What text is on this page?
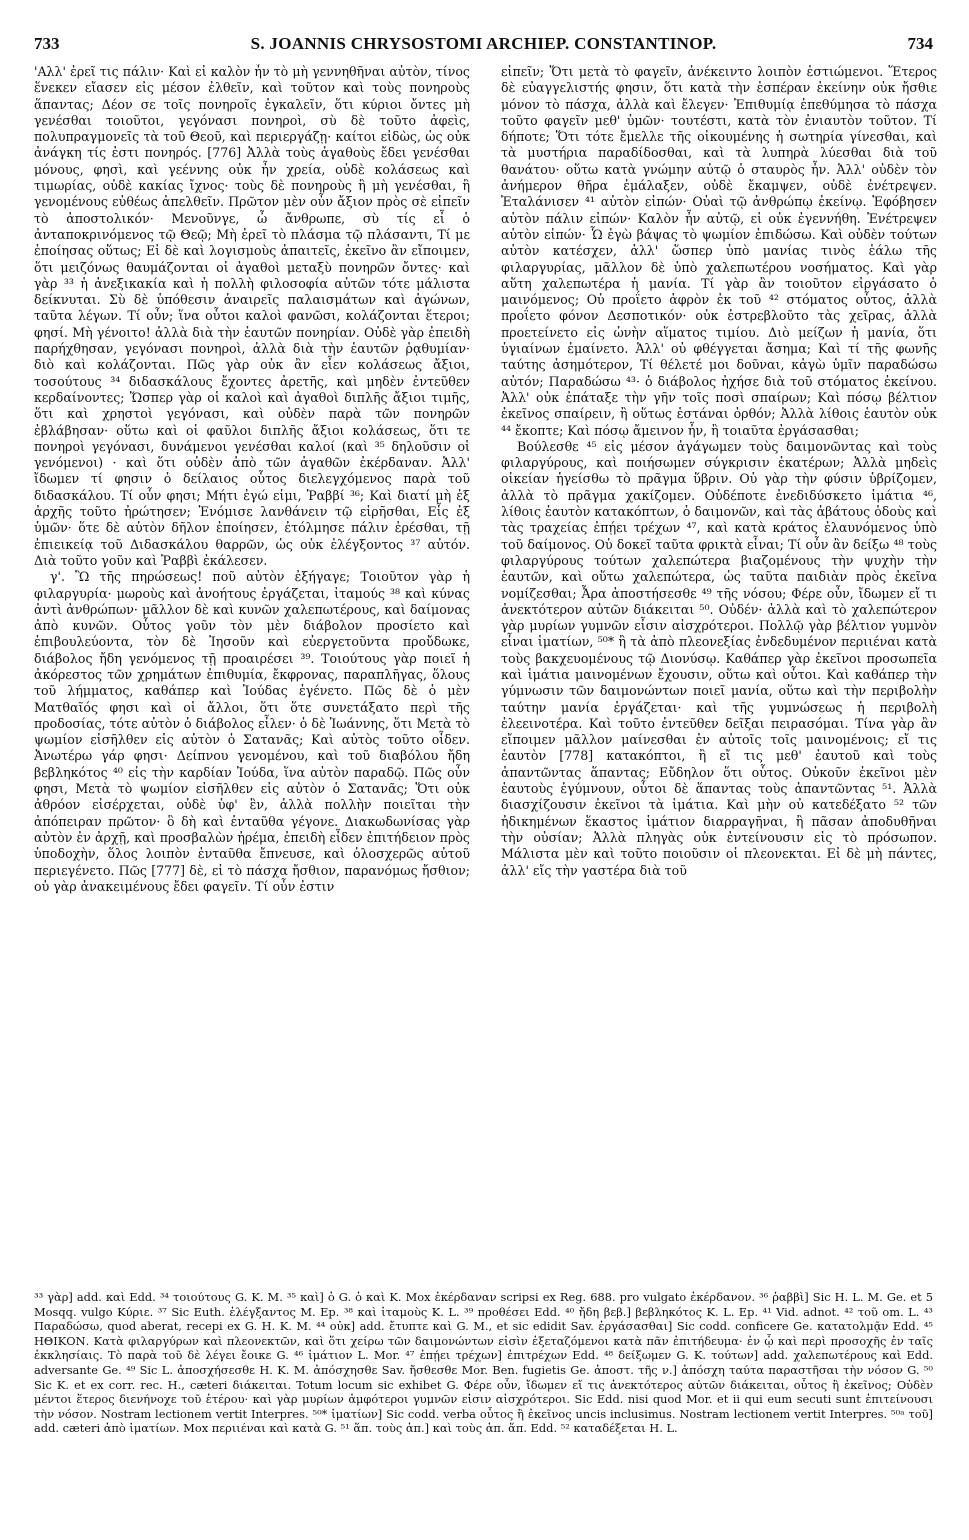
733	S. JOANNIS CHRYSOSTOMI ARCHIEP. CONSTANTINOP.	734

'Αλλ' ἐρεῖ τις πάλιν· Καὶ εἰ καλὸν ἦν τὸ μὴ γεννηθῆναι αὐτὸν, τίνος ἕνεκεν εἴασεν εἰς μέσον ἐλθεῖν, καὶ τοῦτον καὶ τοὺς πονηροὺς ἅπαντας; Δέον σε τοῖς πονηροῖς ἐγκαλεῖν, ὅτι κύριοι ὄντες μὴ γενέσθαι τοιοῦτοι, γεγόνασι πονηροὶ, σὺ δὲ τοῦτο ἀφεὶς, πολυπραγμονεῖς τὰ τοῦ Θεοῦ, καὶ περιεργάζῃ· καίτοι εἰδὼς, ὡς οὐκ ἀνάγκη τίς ἐστι πονηρός. [776] Ἀλλὰ τοὺς ἀγαθοὺς ἔδει γενέσθαι μόνους, φησὶ, καὶ γεέννης οὐκ ἦν χρεία, οὐδὲ κολάσεως καὶ τιμωρίας, οὐδὲ κακίας ἴχνος· τοὺς δὲ πονηροὺς ἢ μὴ γενέσθαι, ἢ γενομένους εὐθέως ἀπελθεῖν. Πρῶτον μὲν οὖν ἄξιον πρὸς σὲ εἰπεῖν τὸ ἀποστολικόν· Μενοῦνγε, ὦ ἄνθρωπε, σὺ τίς εἶ ὁ ἀνταποκρινόμενος τῷ Θεῷ; Μὴ ἐρεῖ τὸ πλάσμα τῷ πλάσαντι, Τί με ἐποίησας οὕτως; Εἰ δὲ καὶ λογισμοὺς ἀπαιτεῖς, ἐκεῖνο ἂν εἴποιμεν, ὅτι μειζόνως θαυμάζονται οἱ ἀγαθοὶ μεταξὺ πονηρῶν ὄντες· καὶ γὰρ ³³ ἡ ἀνεξικακία καὶ ἡ πολλὴ φιλοσοφία αὐτῶν τότε μάλιστα δείκνυται. Σὺ δὲ ὑπόθεσιν ἀναιρεῖς παλαισμάτων καὶ ἀγώνων, ταῦτα λέγων. Τί οὖν; ἵνα οὗτοι καλοὶ φανῶσι, κολάζονται ἕτεροι; φησί. Μὴ γένοιτο! ἀλλὰ διὰ τὴν ἑαυτῶν πονηρίαν. Οὐδὲ γὰρ ἐπειδὴ παρήχθησαν, γεγόνασι πονηροὶ, ἀλλὰ διὰ τὴν ἑαυτῶν ῥᾳθυμίαν· διὸ καὶ κολάζονται. Πῶς γὰρ οὐκ ἂν εἶεν κολάσεως ἄξιοι, τοσούτους ³⁴ διδασκάλους ἔχοντες ἀρετῆς, καὶ μηδὲν ἐντεῦθεν κερδαίνοντες; Ὥσπερ γὰρ οἱ καλοὶ καὶ ἀγαθοὶ διπλῆς ἄξιοι τιμῆς, ὅτι καὶ χρηστοὶ γεγόνασι, καὶ οὐδὲν παρὰ τῶν πονηρῶν ἐβλάβησαν· οὕτω καὶ οἱ φαῦλοι διπλῆς ἄξιοι κολάσεως, ὅτι τε πονηροὶ γεγόνασι, δυνάμενοι γενέσθαι καλοί (καὶ ³⁵ δηλοῦσιν οἱ γενόμενοι) · καὶ ὅτι οὐδὲν ἀπὸ τῶν ἀγαθῶν ἐκέρδαναν. Ἀλλ' ἴδωμεν τί φησιν ὁ δείλαιος οὗτος διελεγχόμενος παρὰ τοῦ διδασκάλου. Τί οὖν φησι; Μήτι ἐγώ εἰμι, Ῥαββί ³⁶; Καὶ διατί μὴ ἐξ ἀρχῆς τοῦτο ἠρώτησεν; Ἐνόμισε λανθάνειν τῷ εἰρῆσθαι, Εἷς ἐξ ὑμῶν· ὅτε δὲ αὐτὸν δῆλον ἐποίησεν, ἐτόλμησε πάλιν ἐρέσθαι, τῇ ἐπιεικείᾳ τοῦ Διδασκάλου θαρρῶν, ὡς οὐκ ἐλέγξοντος ³⁷ αὐτόν. Διὰ τοῦτο γοῦν καὶ Ῥαββὶ ἐκάλεσεν.

γ'. Ὢ τῆς πηρώσεως! ποῦ αὐτὸν ἐξήγαγε; Τοιοῦτον γὰρ ἡ φιλαργυρία· μωροὺς καὶ ἀνοήτους ἐργάζεται, ἰταμούς ³⁸ καὶ κύνας ἀντὶ ἀνθρώπων· μᾶλλον δὲ καὶ κυνῶν χαλεπωτέρους, καὶ δαίμονας ἀπὸ κυνῶν. Οὗτος γοῦν τὸν μὲν διάβολον προσίετο καὶ ἐπιβουλεύοντα, τὸν δὲ Ἰησοῦν καὶ εὐεργετοῦντα προὔδωκε, διάβολος ἤδη γενόμενος τῇ προαιρέσει ³⁹. Τοιούτους γὰρ ποιεῖ ἡ ἀκόρεστος τῶν χρημάτων ἐπιθυμία, ἔκφρονας, παραπλῆγας, ὅλους τοῦ λήμματος, καθάπερ καὶ Ἰούδας ἐγένετο. Πῶς δὲ ὁ μὲν Ματθαῖός φησι καὶ οἱ ἄλλοι, ὅτι ὅτε συνετάξατο περὶ τῆς προδοσίας, τότε αὐτὸν ὁ διάβολος εἶλεν· ὁ δὲ Ἰωάννης, ὅτι Μετὰ τὸ ψωμίον εἰσῆλθεν εἰς αὐτὸν ὁ Σατανᾶς; Καὶ αὐτὸς τοῦτο οἶδεν. Ἀνωτέρω γάρ φησι· Δείπνου γενομένου, καὶ τοῦ διαβόλου ἤδη βεβληκότος ⁴⁰ εἰς τὴν καρδίαν Ἰούδα, ἵνα αὐτὸν παραδῷ. Πῶς οὖν φησι, Μετὰ τὸ ψωμίον εἰσῆλθεν εἰς αὐτὸν ὁ Σατανᾶς; Ὅτι οὐκ ἀθρόον εἰσέρχεται, οὐδὲ ὑφ' ἓν, ἀλλὰ πολλὴν ποιεῖται τὴν ἀπόπειραν πρῶτον· ὃ δὴ καὶ ἐνταῦθα γέγονε. Διακωδωνίσας γὰρ αὐτὸν ἐν ἀρχῇ, καὶ προσβαλὼν ἠρέμα, ἐπειδὴ εἶδεν ἐπιτήδειον πρὸς ὑποδοχὴν, ὅλος λοιπὸν ἐνταῦθα ἔπνευσε, καὶ ὁλοσχερῶς αὐτοῦ περιεγένετο. Πῶς [777] δὲ, εἰ τὸ πάσχα ἤσθιον, παρανόμως ἤσθιον; οὐ γὰρ ἀνακειμένους ἔδει φαγεῖν. Τί οὖν ἐστιν

εἰπεῖν; Ὅτι μετὰ τὸ φαγεῖν, ἀνέκειντο λοιπὸν ἑστιώμενοι. Ἕτερος δὲ εὐαγγελιστής φησιν, ὅτι κατὰ τὴν ἑσπέραν ἐκείνην οὐκ ἤσθιε μόνον τὸ πάσχα, ἀλλὰ καὶ ἔλεγεν· Ἐπιθυμίᾳ ἐπεθύμησα τὸ πάσχα τοῦτο φαγεῖν μεθ' ὑμῶν· τουτέστι, κατὰ τὸν ἐνιαυτὸν τοῦτον. Τί δήποτε; Ὅτι τότε ἔμελλε τῆς οἰκουμένης ἡ σωτηρία γίνεσθαι, καὶ τὰ μυστήρια παραδίδοσθαι, καὶ τὰ λυπηρὰ λύεσθαι διὰ τοῦ θανάτου· οὕτω κατὰ γνώμην αὐτῷ ὁ σταυρὸς ἦν. Ἀλλ' οὐδὲν τὸν ἀνήμερον θῆρα ἐμάλαξεν, οὐδὲ ἔκαμψεν, οὐδὲ ἐνέτρεψεν. Ἐταλάνισεν ⁴¹ αὐτὸν εἰπών· Οὐαὶ τῷ ἀνθρώπῳ ἐκείνῳ. Ἐφόβησεν αὐτὸν πάλιν εἰπών· Καλὸν ἦν αὐτῷ, εἰ οὐκ ἐγεννήθη. Ἐνέτρεψεν αὐτὸν εἰπών· Ὧ ἐγὼ βάψας τὸ ψωμίον ἐπιδώσω. Καὶ οὐδὲν τούτων αὐτὸν κατέσχεν, ἀλλ' ὥσπερ ὑπὸ μανίας τινὸς ἑάλω τῆς φιλαργυρίας, μᾶλλον δὲ ὑπὸ χαλεπωτέρου νοσήματος. Καὶ γὰρ αὕτη χαλεπωτέρα ἡ μανία. Τί γὰρ ἂν τοιοῦτον εἰργάσατο ὁ μαινόμενος; Οὐ προΐετο ἀφρὸν ἐκ τοῦ ⁴² στόματος οὗτος, ἀλλὰ προΐετο φόνον Δεσποτικόν· οὐκ ἐστρεβλοῦτο τὰς χεῖρας, ἀλλὰ προετείνετο εἰς ὠνὴν αἵματος τιμίου. Διὸ μείζων ἡ μανία, ὅτι ὑγιαίνων ἐμαίνετο. Ἀλλ' οὐ φθέγγεται ἄσημα; Καὶ τί τῆς φωνῆς ταύτης ἀσημότερον, Τί θέλετέ μοι δοῦναι, κἀγὼ ὑμῖν παραδώσω αὐτόν; Παραδώσω ⁴³· ὁ διάβολος ἠχήσε διὰ τοῦ στόματος ἐκείνου. Ἀλλ' οὐκ ἐπάταξε τὴν γῆν τοῖς ποσὶ σπαίρων; Καὶ πόσῳ βέλτιον ἐκεῖνος σπαίρειν, ἢ οὕτως ἑστάναι ὀρθόν; Ἀλλὰ λίθοις ἑαυτὸν οὐκ ⁴⁴ ἔκοπτε; Καὶ πόσῳ ἄμεινον ἦν, ἢ τοιαῦτα ἐργάσασθαι;

Βούλεσθε ⁴⁵ εἰς μέσον ἀγάγωμεν τοὺς δαιμονῶντας καὶ τοὺς φιλαργύρους, καὶ ποιήσωμεν σύγκρισιν ἑκατέρων; Ἀλλὰ μηδεὶς οἰκείαν ἡγείσθω τὸ πρᾶγμα ὕβριν. Οὐ γὰρ τὴν φύσιν ὑβρίζομεν, ἀλλὰ τὸ πρᾶγμα χακίζομεν. Οὐδέποτε ἐνεδιδύσκετο ἱμάτια ⁴⁶, λίθοις ἑαυτὸν κατακόπτων, ὁ δαιμονῶν, καὶ τὰς ἀβάτους ὁδοὺς καὶ τὰς τραχείας ἐπῄει τρέχων ⁴⁷, καὶ κατὰ κράτος ἐλαυνόμενος ὑπὸ τοῦ δαίμονος. Οὐ δοκεῖ ταῦτα φρικτὰ εἶναι; Τί οὖν ἂν δείξω ⁴⁸ τοὺς φιλαργύρους τούτων χαλεπώτερα βιαζομένους τὴν ψυχὴν τὴν ἑαυτῶν, καὶ οὕτω χαλεπώτερα, ὡς ταῦτα παιδιὰν πρὸς ἐκεῖνα νομίζεσθαι; Ἆρα ἀποστήσεσθε ⁴⁹ τῆς νόσου; Φέρε οὖν, ἴδωμεν εἴ τι ἀνεκτότερον αὐτῶν διάκειται ⁵⁰. Οὐδέν· ἀλλὰ καὶ τὸ χαλεπώτερον γὰρ μυρίων γυμνῶν εἶσιν αἰσχρότεροι. Πολλῷ γὰρ βέλτιον γυμνὸν εἶναι ἱματίων, ⁵⁰* ἢ τὰ ἀπὸ πλεονεξίας ἐνδεδυμένον περιιέναι κατὰ τοὺς βακχευομένους τῷ Διονύσῳ. Καθάπερ γὰρ ἐκεῖνοι προσωπεῖα καὶ ἱμάτια μαινομένων ἔχουσιν, οὕτω καὶ οὗτοι. Καὶ καθάπερ τὴν γύμνωσιν τῶν δαιμονώντων ποιεῖ μανία, οὕτω καὶ τὴν περιβολὴν ταύτην μανία ἐργάζεται· καὶ τῆς γυμνώσεως ἡ περιβολὴ ἐλεεινοτέρα. Καὶ τοῦτο ἐντεῦθεν δεῖξαι πειρασόμαι. Τίνα γὰρ ἂν εἴποιμεν μᾶλλον μαίνεσθαι ἐν αὐτοῖς τοῖς μαινομένοις; εἴ τις ἑαυτὸν [778] κατακόπτοι, ἢ εἴ τις μεθ' ἑαυτοῦ καὶ τοὺς ἀπαντῶντας ἅπαντας; Εὔδηλον ὅτι οὗτος. Οὐκοῦν ἐκεῖνοι μὲν ἑαυτοὺς ἐγύμνουν, οὗτοι δὲ ἅπαντας τοὺς ἀπαντῶντας ⁵¹. Ἀλλὰ διασχίζουσιν ἐκεῖνοι τὰ ἱμάτια. Καὶ μὴν οὐ κατεδέξατο ⁵² τῶν ἠδικημένων ἕκαστος ἱμάτιον διαρραγῆναι, ἢ πᾶσαν ἀποδυθῆναι τὴν οὐσίαν; Ἀλλὰ πληγὰς οὐκ ἐντείνουσιν εἰς τὸ πρόσωπον. Μάλιστα μὲν καὶ τοῦτο ποιοῦσιν οἱ πλεονεκται. Εἰ δὲ μὴ πάντες, ἀλλ' εἴς τὴν γαστέρα διὰ τοῦ

³³ γὰρ] add. καὶ Edd. ³⁴ τοιούτους G. K. M. ³⁵ καὶ] ὁ G. ὁ καὶ K. Mox ἐκέρδαναν scripsi ex Reg. 688. pro vulgato ἐκέρδανον. ³⁶ ῥαββὶ] Sic H. L. M. Ge. et 5 Mosqq. vulgo Κύριε. ³⁷ Sic Euth. ἐλέγξαντος M. Ep. ³⁸ καὶ ἰταμοὺς K. L. ³⁹ προθέσει Edd. ⁴⁰ ἤδη βεβ.] βεβληκότος K. L. Ep. ⁴¹ Vid. adnot. ⁴² τοῦ om. L. ⁴³ Παραδώσω, quod aberat, recepi ex G. H. K. M. ⁴⁴ οὐκ] add. ἔτυπτε καὶ G. M., et sic edidit Sav. ἐργάσασθαι] Sic codd. conficere Ge. κατατολμᾷν Edd. ⁴⁵ ΗΘΙΚΟΝ. Κατὰ φιλαργύρων καὶ πλεονεκτῶν, καὶ ὅτι χείρω τῶν δαιμονώντων εἰσὶν ἐξεταζόμενοι κατὰ πᾶν ἐπιτήδευμα· ἐν ᾧ καὶ περὶ προσοχῆς ἐν ταῖς ἐκκλησίαις. Τὸ παρὰ τοῦ δὲ λέγει ἔοικε G. ⁴⁶ ἱμάτιον L. Mor. ⁴⁷ ἐπῄει τρέχων] ἐπιτρέχων Edd. ⁴⁸ δείξωμεν G. K. τούτων] add. χαλεπωτέρους καὶ Edd. adversante Ge. ⁴⁹ Sic L. ἀποσχήσεσθε H. K. M. ἀπόσχησθε Sav. ἤσθεσθε Mor. Ben. fugietis Ge. ἀποστ. τῆς ν.] ἀπόσχη ταύτα παραστῆσαι τὴν νόσον G. ⁵⁰ Sic K. et ex corr. rec. H., cæteri διάκειται. Totum locum sic exhibet G. Φέρε οὖν, ἴδωμεν εἴ τις ἀνεκτότερος αὐτῶν διάκειται, οὗτος ἢ ἐκεῖνος; Οὐδὲν μέντοι ἕτερος διενήνοχε τοῦ ἑτέρου· καὶ γὰρ μυρίων ἀμφότεροι γυμνῶν εἰσιν αἰσχρότεροι. Sic Edd. nisi quod Mor. et ii qui eum secuti sunt ἐπιτείνουσι τὴν νόσον. Nostram lectionem vertit Interpres. ⁵⁰* ἱματίων] Sic codd. verba οὗτος ἢ ἐκεῖνος uncis inclusimus. Nostram lectionem vertit Interpres. ⁵⁰ᵃ τοῦ] add. cæteri ἀπὸ ἱματίων. Mox περιιέναι καὶ κατὰ G. ⁵¹ ἅπ. τοὺς ἀπ.] καὶ τοὺς ἀπ. ἅπ. Edd. ⁵² καταδέξεται H. L.
